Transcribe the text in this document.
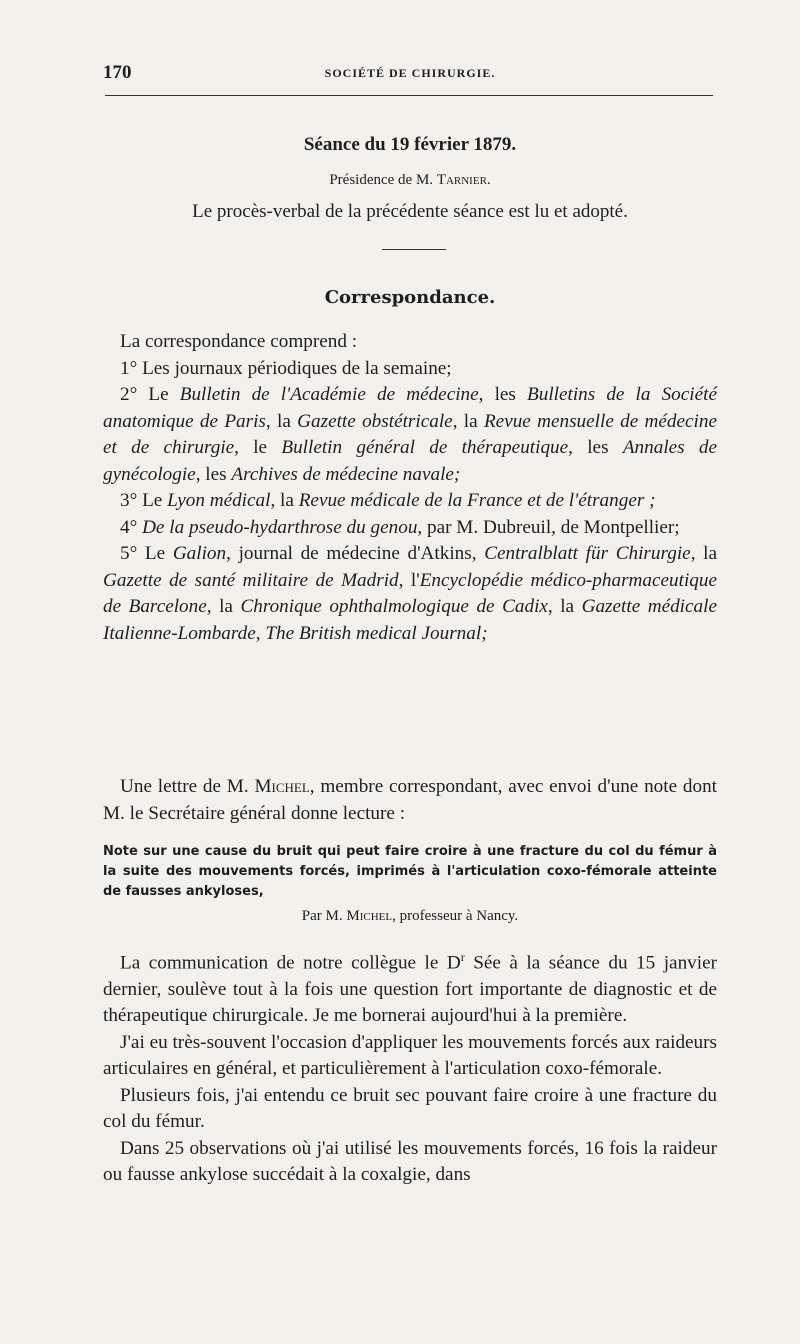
170	SOCIÉTÉ DE CHIRURGIE.
Séance du 19 février 1879.
Présidence de M. Tarnier.
Le procès-verbal de la précédente séance est lu et adopté.
Correspondance.

La correspondance comprend :

1° Les journaux périodiques de la semaine;

2° Le Bulletin de l'Académie de médecine, les Bulletins de la Société anatomique de Paris, la Gazette obstétricale, la Revue mensuelle de médecine et de chirurgie, le Bulletin général de thérapeutique, les Annales de gynécologie, les Archives de médecine navale;

3° Le Lyon médical, la Revue médicale de la France et de l'étranger ;

4° De la pseudo-hydarthrose du genou, par M. Dubreuil, de Montpellier;

5° Le Galion, journal de médecine d'Atkins, Centralblatt für Chirurgie, la Gazette de santé militaire de Madrid, l'Encyclopédie médico-pharmaceutique de Barcelone, la Chronique ophthalmologique de Cadix, la Gazette médicale Italienne-Lombarde, The British medical Journal;

Une lettre de M. Michel, membre correspondant, avec envoi d'une note dont M. le Secrétaire général donne lecture :

Note sur une cause du bruit qui peut faire croire à une fracture du col du fémur à la suite des mouvements forcés, imprimés à l'articulation coxo-fémorale atteinte de fausses ankyloses,
Par M. Michel, professeur à Nancy.

La communication de notre collègue le $D^r$ Sée à la séance du 15 janvier dernier, soulève tout à la fois une question fort importante de diagnostic et de thérapeutique chirurgicale. Je me bornerai aujourd'hui à la première.

J'ai eu très-souvent l'occasion d'appliquer les mouvements forcés aux raideurs articulaires en général, et particulièrement à l'articulation coxo-fémorale.

Plusieurs fois, j'ai entendu ce bruit sec pouvant faire croire à une fracture du col du fémur.

Dans 25 observations où j'ai utilisé les mouvements forcés, 16 fois la raideur ou fausse ankylose succédait à la coxalgie, dans
